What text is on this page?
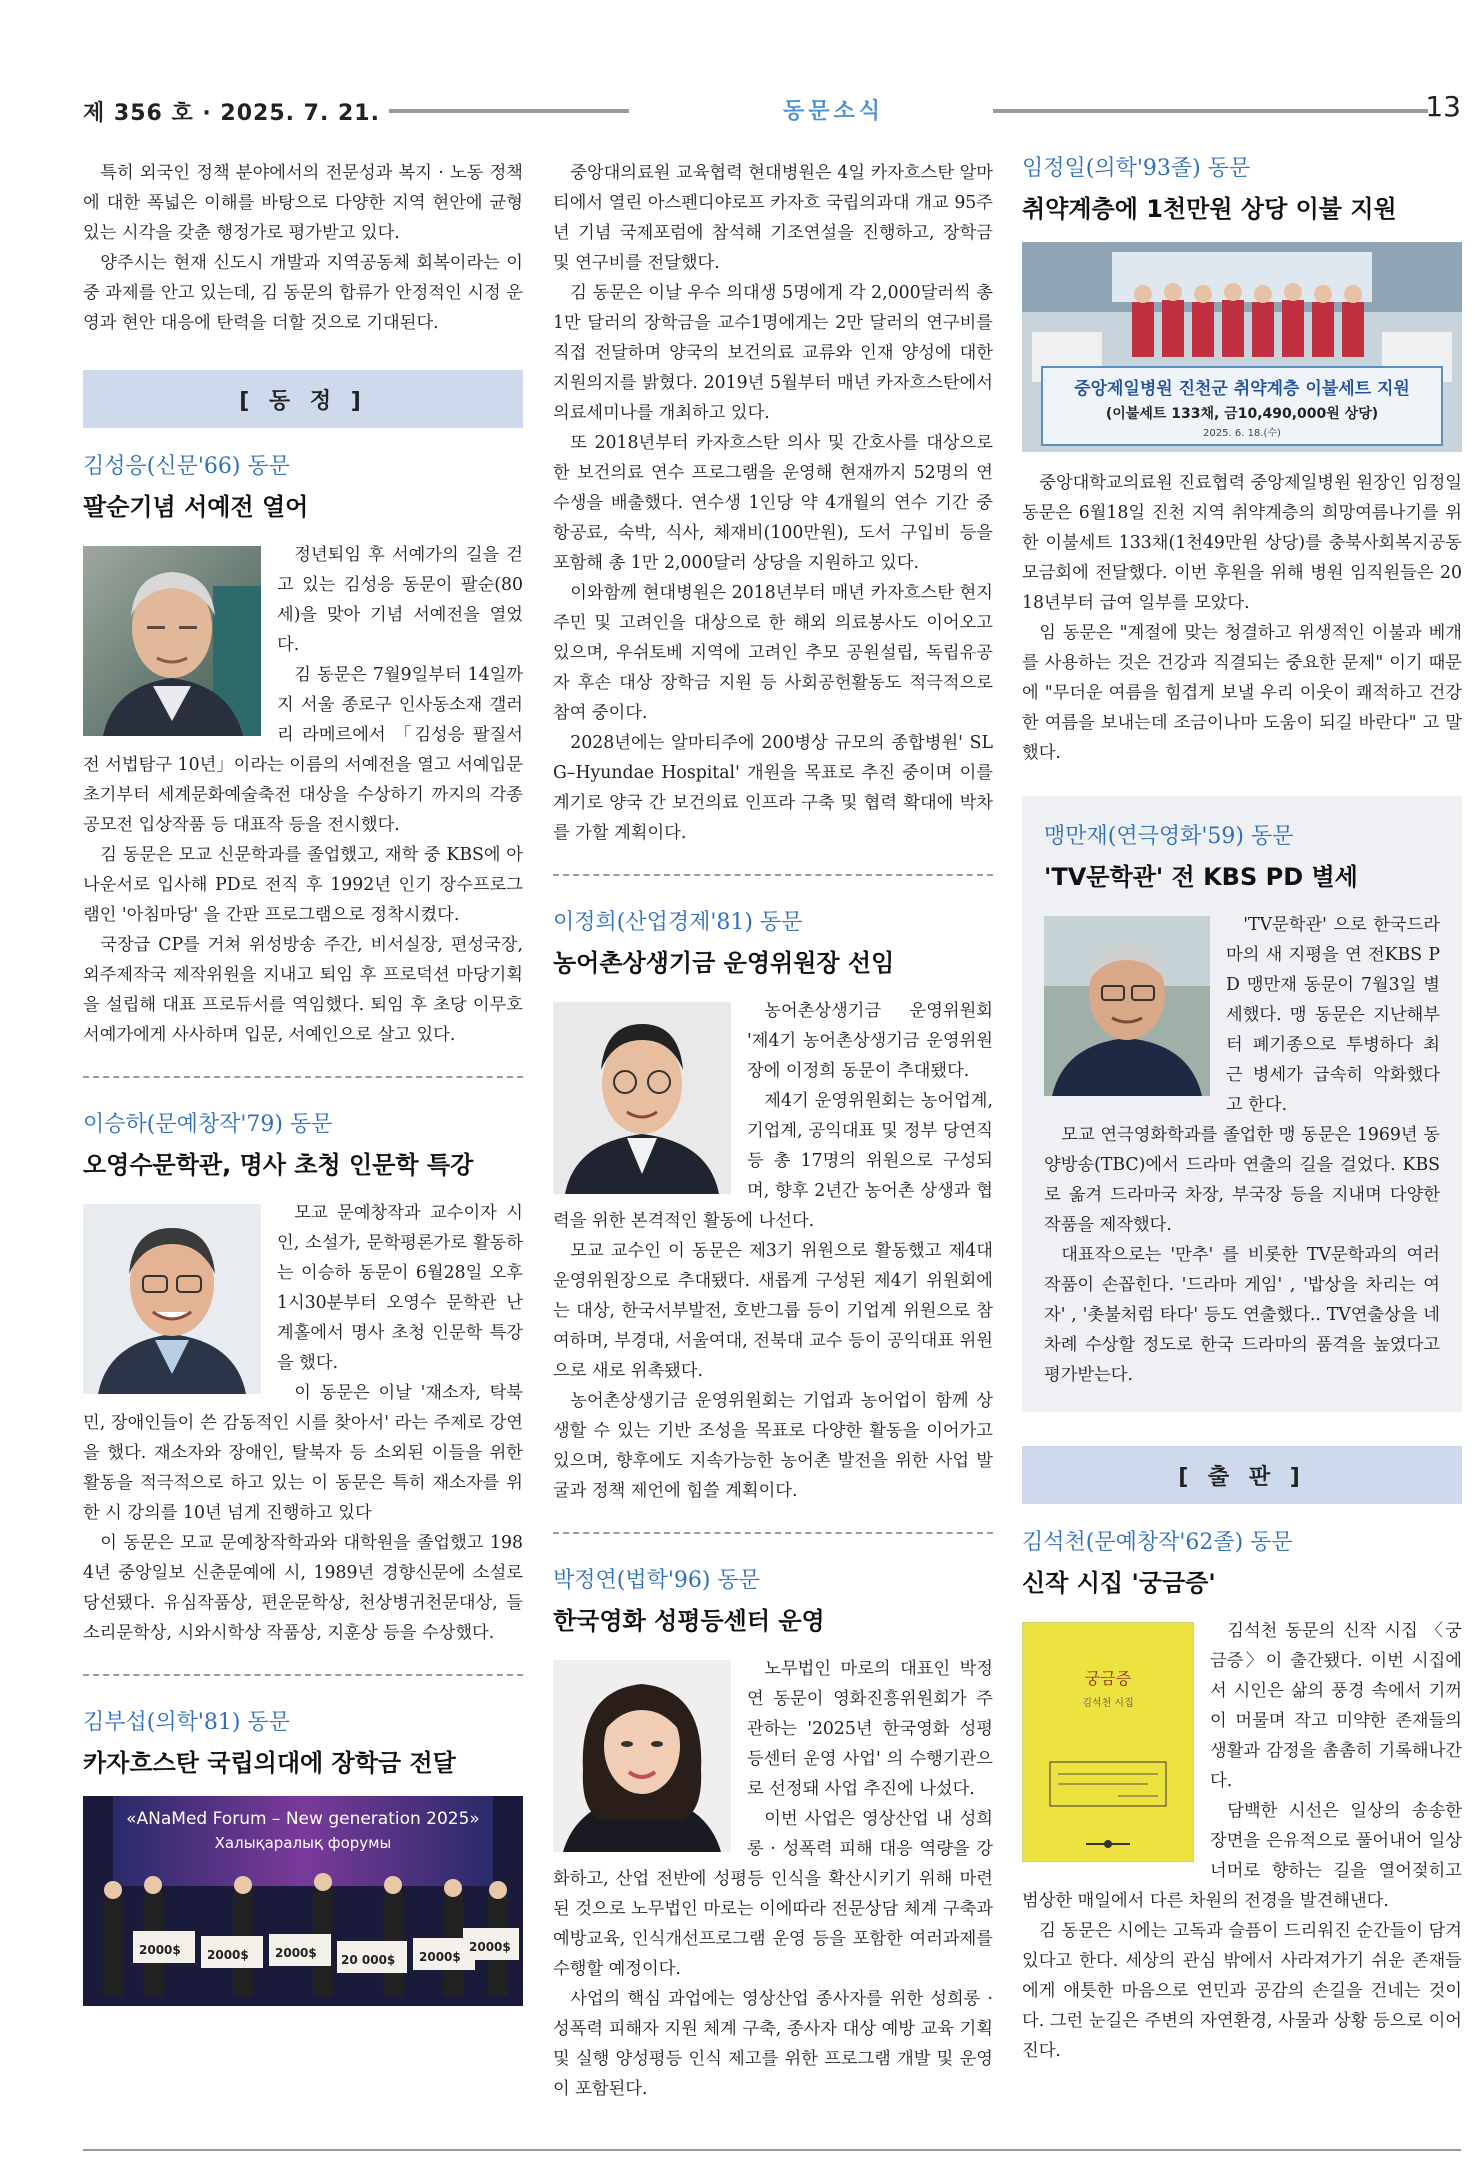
제 356 호 · 2025. 7. 21.	동문소식	13

특히 외국인 정책 분야에서의 전문성과 복지 · 노동 정책에 대한 폭넓은 이해를 바탕으로 다양한 지역 현안에 균형 있는 시각을 갖춘 행정가로 평가받고 있다.

양주시는 현재 신도시 개발과 지역공동체 회복이라는 이중 과제를 안고 있는데, 김 동문의 합류가 안정적인 시정 운영과 현안 대응에 탄력을 더할 것으로 기대된다.

[ 동 정 ]

김성응(신문'66) 동문

팔순기념 서예전 열어

정년퇴임 후 서예가의 길을 걷고 있는 김성응 동문이 팔순(80세)을 맞아 기념 서예전을 열었다.

김 동문은 7월9일부터 14일까지 서울 종로구 인사동소재 갤러리 라메르에서 「김성응 팔질서전 서법탐구 10년」이라는 이름의 서예전을 열고 서예입문 초기부터 세계문화예술축전 대상을 수상하기 까지의 각종 공모전 입상작품 등 대표작 등을 전시했다.

김 동문은 모교 신문학과를 졸업했고, 재학 중 KBS에 아나운서로 입사해 PD로 전직 후 1992년 인기 장수프로그램인 '아침마당' 을 간판 프로그램으로 정착시켰다.

국장급 CP를 거쳐 위성방송 주간, 비서실장, 편성국장, 외주제작국 제작위원을 지내고 퇴임 후 프로덕션 마당기획을 설립해 대표 프로듀서를 역임했다. 퇴임 후 초당 이무호 서예가에게 사사하며 입문, 서예인으로 살고 있다.

이승하(문예창작'79) 동문

오영수문학관, 명사 초청 인문학 특강

모교 문예창작과 교수이자 시인, 소설가, 문학평론가로 활동하는 이승하 동문이 6월28일 오후1시30분부터 오영수 문학관 난계홀에서 명사 초청 인문학 특강을 했다.

이 동문은 이날 '재소자, 탁북민, 장애인들이 쓴 감동적인 시를 찾아서' 라는 주제로 강연을 했다. 재소자와 장애인, 탈북자 등 소외된 이들을 위한 활동을 적극적으로 하고 있는 이 동문은 특히 재소자를 위한 시 강의를 10년 넘게 진행하고 있다

이 동문은 모교 문예창작학과와 대학원을 졸업했고 1984년 중앙일보 신춘문예에 시, 1989년 경향신문에 소설로 당선됐다. 유심작품상, 편운문학상, 천상병귀천문대상, 들소리문학상, 시와시학상 작품상, 지훈상 등을 수상했다.

김부섭(의학'81) 동문

카자흐스탄 국립의대에 장학금 전달

«ANaMed Forum – New generation 2025»
Халықаралық форумы
2000$ 2000$ 2000$ 20 000$ 2000$
2000$

중앙대의료원 교육협력 현대병원은 4일 카자흐스탄 알마티에서 열린 아스펜디야로프 카자흐 국립의과대 개교 95주년 기념 국제포럼에 참석해 기조연설을 진행하고, 장학금 및 연구비를 전달했다.

김 동문은 이날 우수 의대생 5명에게 각 2,000달러씩 총 1만 달러의 장학금을 교수1명에게는 2만 달러의 연구비를 직접 전달하며 양국의 보건의료 교류와 인재 양성에 대한 지원의지를 밝혔다. 2019년 5월부터 매년 카자흐스탄에서 의료세미나를 개최하고 있다.

또 2018년부터 카자흐스탄 의사 및 간호사를 대상으로 한 보건의료 연수 프로그램을 운영해 현재까지 52명의 연수생을 배출했다. 연수생 1인당 약 4개월의 연수 기간 중 항공료, 숙박, 식사, 체재비(100만원), 도서 구입비 등을 포함해 총 1만 2,000달러 상당을 지원하고 있다.

이와함께 현대병원은 2018년부터 매년 카자흐스탄 현지 주민 및 고려인을 대상으로 한 해외 의료봉사도 이어오고 있으며, 우쉬토베 지역에 고려인 추모 공원설립, 독립유공자 후손 대상 장학금 지원 등 사회공헌활동도 적극적으로 참여 중이다.

2028년에는 알마티주에 200병상 규모의 종합병원' SLG–Hyundae Hospital' 개원을 목표로 추진 중이며 이를 계기로 양국 간 보건의료 인프라 구축 및 협력 확대에 박차를 가할 계획이다.

이정희(산업경제'81) 동문

농어촌상생기금 운영위원장 선임

농어촌상생기금 운영위원회 '제4기 농어촌상생기금 운영위원장에 이정희 동문이 추대됐다.

제4기 운영위원회는 농어업계, 기업계, 공익대표 및 정부 당연직 등 총 17명의 위원으로 구성되며, 향후 2년간 농어촌 상생과 협력을 위한 본격적인 활동에 나선다.

모교 교수인 이 동문은 제3기 위원으로 활동했고 제4대 운영위원장으로 추대됐다. 새롭게 구성된 제4기 위원회에는 대상, 한국서부발전, 호반그룹 등이 기업계 위원으로 참여하며, 부경대, 서울여대, 전북대 교수 등이 공익대표 위원으로 새로 위촉됐다.

농어촌상생기금 운영위원회는 기업과 농어업이 함께 상생할 수 있는 기반 조성을 목표로 다양한 활동을 이어가고 있으며, 향후에도 지속가능한 농어촌 발전을 위한 사업 발굴과 정책 제언에 힘쓸 계획이다.

박정연(법학'96) 동문

한국영화 성평등센터 운영

노무법인 마로의 대표인 박정연 동문이 영화진흥위원회가 주관하는 '2025년 한국영화 성평등센터 운영 사업' 의 수행기관으로 선정돼 사업 추진에 나섰다.

이번 사업은 영상산업 내 성희롱 · 성폭력 피해 대응 역량을 강화하고, 산업 전반에 성평등 인식을 확산시키기 위해 마련된 것으로 노무법인 마로는 이에따라 전문상담 체계 구축과 예방교육, 인식개선프로그램 운영 등을 포함한 여러과제를 수행할 예정이다.

사업의 핵심 과업에는 영상산업 종사자를 위한 성희롱 · 성폭력 피해자 지원 체계 구축, 종사자 대상 예방 교육 기획 및 실행 양성평등 인식 제고를 위한 프로그램 개발 및 운영이 포함된다.

임정일(의학'93졸) 동문

취약계층에 1천만원 상당 이불 지원

중앙제일병원 진천군 취약계층 이불세트 지원
(이불세트 133채, 금10,490,000원 상당)
2025. 6. 18.(수)

중앙대학교의료원 진료협력 중앙제일병원 원장인 임정일 동문은 6월18일 진천 지역 취약계층의 희망여름나기를 위한 이불세트 133채(1천49만원 상당)를 충북사회복지공동모금회에 전달했다. 이번 후원을 위해 병원 임직원들은 2018년부터 급여 일부를 모았다.

임 동문은 "계절에 맞는 청결하고 위생적인 이불과 베개를 사용하는 것은 건강과 직결되는 중요한 문제" 이기 때문에 "무더운 여름을 힘겹게 보낼 우리 이웃이 쾌적하고 건강한 여름을 보내는데 조금이나마 도움이 되길 바란다" 고 말했다.

맹만재(연극영화'59) 동문

'TV문학관' 전 KBS PD 별세

'TV문학관' 으로 한국드라마의 새 지평을 연 전KBS PD 맹만재 동문이 7월3일 별세했다. 맹 동문은 지난해부터 폐기종으로 투병하다 최근 병세가 급속히 악화했다고 한다.

모교 연극영화학과를 졸업한 맹 동문은 1969년 동양방송(TBC)에서 드라마 연출의 길을 걸었다. KBS로 옮겨 드라마국 차장, 부국장 등을 지내며 다양한 작품을 제작했다.

대표작으로는 '만추' 를 비롯한 TV문학과의 여러 작품이 손꼽힌다. '드라마 게임' , '밥상을 차리는 여자' , '촛불처럼 타다' 등도 연출했다.. TV연출상을 네 차례 수상할 정도로 한국 드라마의 품격을 높였다고 평가받는다.

[ 출 판 ]

김석천(문예창작'62졸) 동문

신작 시집 '궁금증'

궁금증
김석천 시집

김석천 동문의 신작 시집 〈궁금증〉이 출간됐다. 이번 시집에서 시인은 삶의 풍경 속에서 기꺼이 머물며 작고 미약한 존재들의 생활과 감정을 촘촘히 기록해나간다.

담백한 시선은 일상의 송송한 장면을 은유적으로 풀어내어 일상 너머로 향하는 길을 열어젖히고 범상한 매일에서 다른 차원의 전경을 발견해낸다.

김 동문은 시에는 고독과 슬픔이 드리워진 순간들이 담겨있다고 한다. 세상의 관심 밖에서 사라져가기 쉬운 존재들에게 애틋한 마음으로 연민과 공감의 손길을 건네는 것이다. 그런 눈길은 주변의 자연환경, 사물과 상황 등으로 이어진다.
